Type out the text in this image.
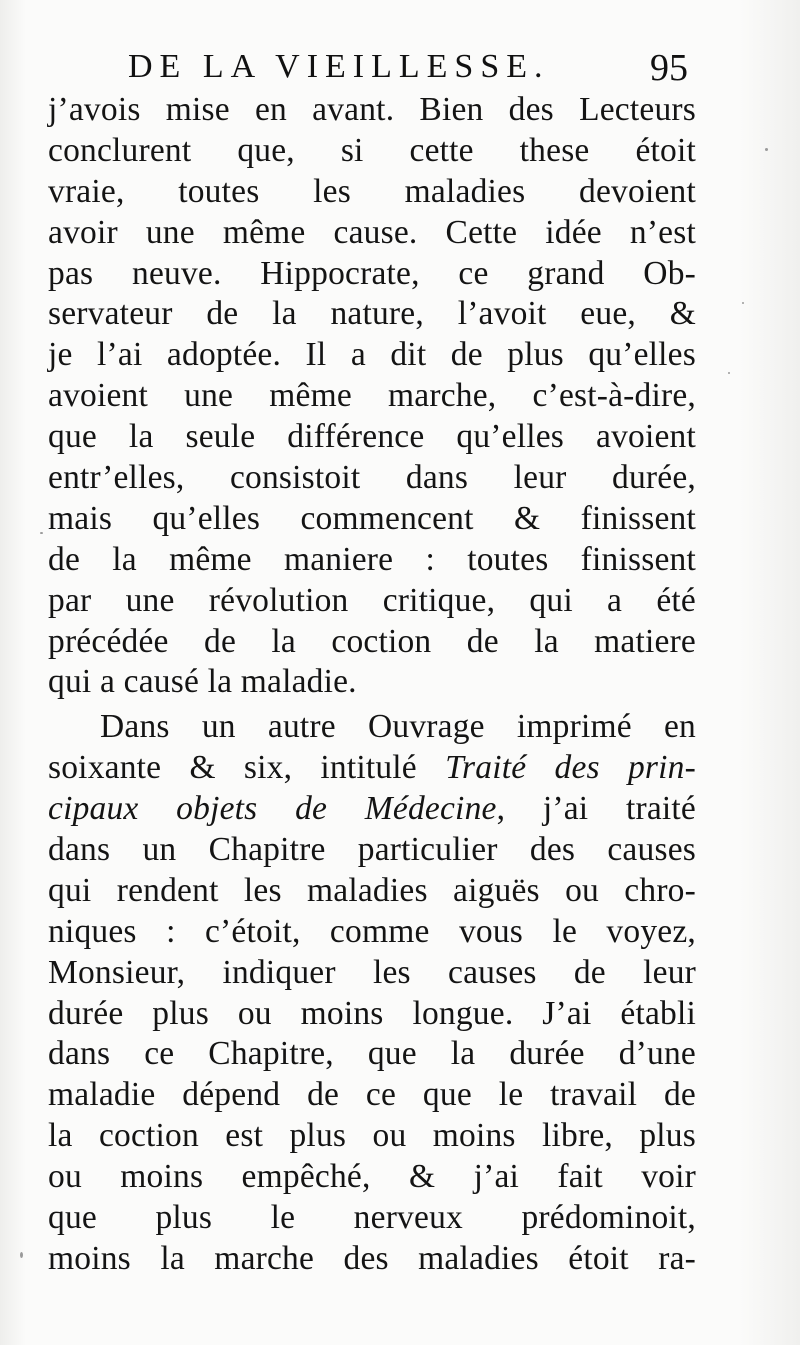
DE LA VIEILLESSE.	95
j’avois mise en avant. Bien des Lecteurs
conclurent que, si cette these étoit
vraie, toutes les maladies devoient
avoir une même cause. Cette idée n’est
pas neuve. Hippocrate, ce grand Ob-
servateur de la nature, l’avoit eue, &
je l’ai adoptée. Il a dit de plus qu’elles
avoient une même marche, c’est-à-dire,
que la seule différence qu’elles avoient
entr’elles, consistoit dans leur durée,
mais qu’elles commencent & finissent
de la même maniere : toutes finissent
par une révolution critique, qui a été
précédée de la coction de la matiere
qui a causé la maladie.
Dans un autre Ouvrage imprimé en
soixante & six, intitulé Traité des prin-
cipaux objets de Médecine, j’ai traité
dans un Chapitre particulier des causes
qui rendent les maladies aiguës ou chro-
niques : c’étoit, comme vous le voyez,
Monsieur, indiquer les causes de leur
durée plus ou moins longue. J’ai établi
dans ce Chapitre, que la durée d’une
maladie dépend de ce que le travail de
la coction est plus ou moins libre, plus
ou moins empêché, & j’ai fait voir
que plus le nerveux prédominoit,
moins la marche des maladies étoit ra-
